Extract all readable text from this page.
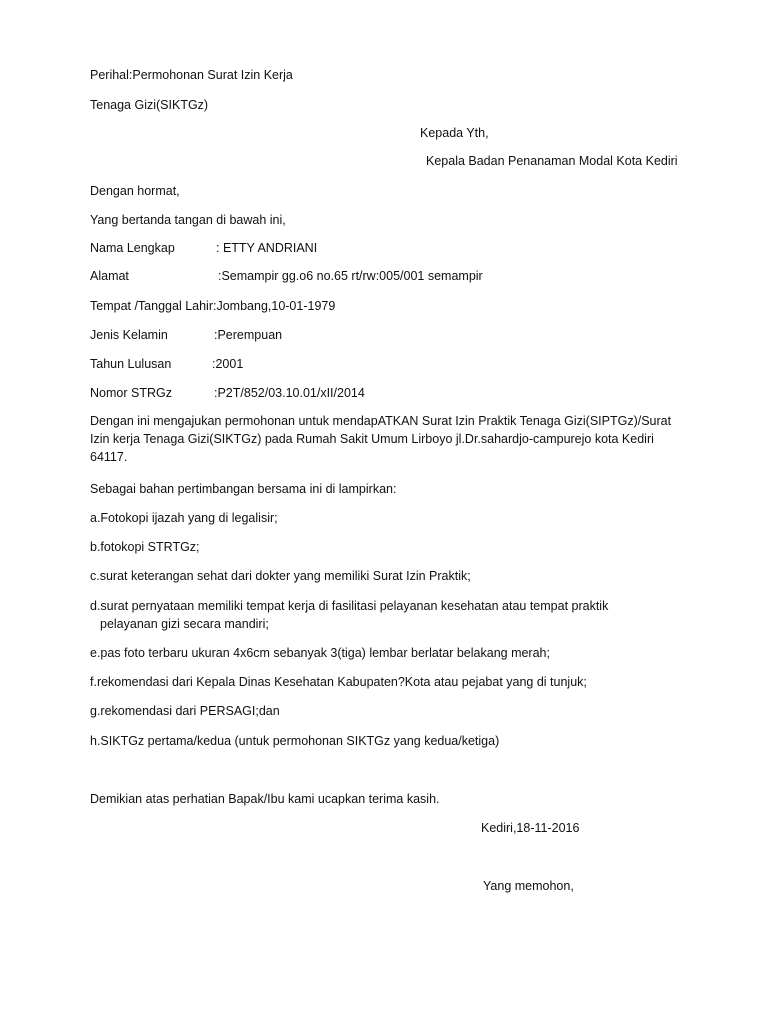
Perihal:Permohonan Surat Izin Kerja
Tenaga Gizi(SIKTGz)
Kepada Yth,
Kepala Badan Penanaman Modal Kota Kediri
Dengan hormat,
Yang bertanda tangan di bawah ini,
Nama Lengkap	: ETTY ANDRIANI
Alamat	:Semampir gg.o6 no.65 rt/rw:005/001 semampir
Tempat /Tanggal Lahir:Jombang,10-01-1979
Jenis Kelamin	:Perempuan
Tahun Lulusan	:2001
Nomor STRGz	:P2T/852/03.10.01/xII/2014
Dengan ini mengajukan permohonan untuk mendapATKAN Surat Izin Praktik Tenaga Gizi(SIPTGz)/Surat Izin kerja Tenaga Gizi(SIKTGz) pada Rumah Sakit Umum Lirboyo jl.Dr.sahardjo-campurejo kota Kediri 64117.
Sebagai bahan pertimbangan bersama ini di lampirkan:
a.Fotokopi ijazah yang di legalisir;
b.fotokopi STRTGz;
c.surat keterangan sehat dari dokter yang memiliki Surat Izin Praktik;
d.surat pernyataan memiliki tempat kerja di fasilitasi pelayanan kesehatan atau tempat praktik
pelayanan gizi secara mandiri;
e.pas foto terbaru ukuran 4x6cm sebanyak 3(tiga) lembar berlatar belakang merah;
f.rekomendasi dari Kepala Dinas Kesehatan Kabupaten?Kota atau pejabat yang di tunjuk;
g.rekomendasi dari PERSAGI;dan
h.SIKTGz pertama/kedua (untuk permohonan SIKTGz yang kedua/ketiga)
Demikian atas perhatian Bapak/Ibu kami ucapkan terima kasih.
Kediri,18-11-2016
Yang memohon,
